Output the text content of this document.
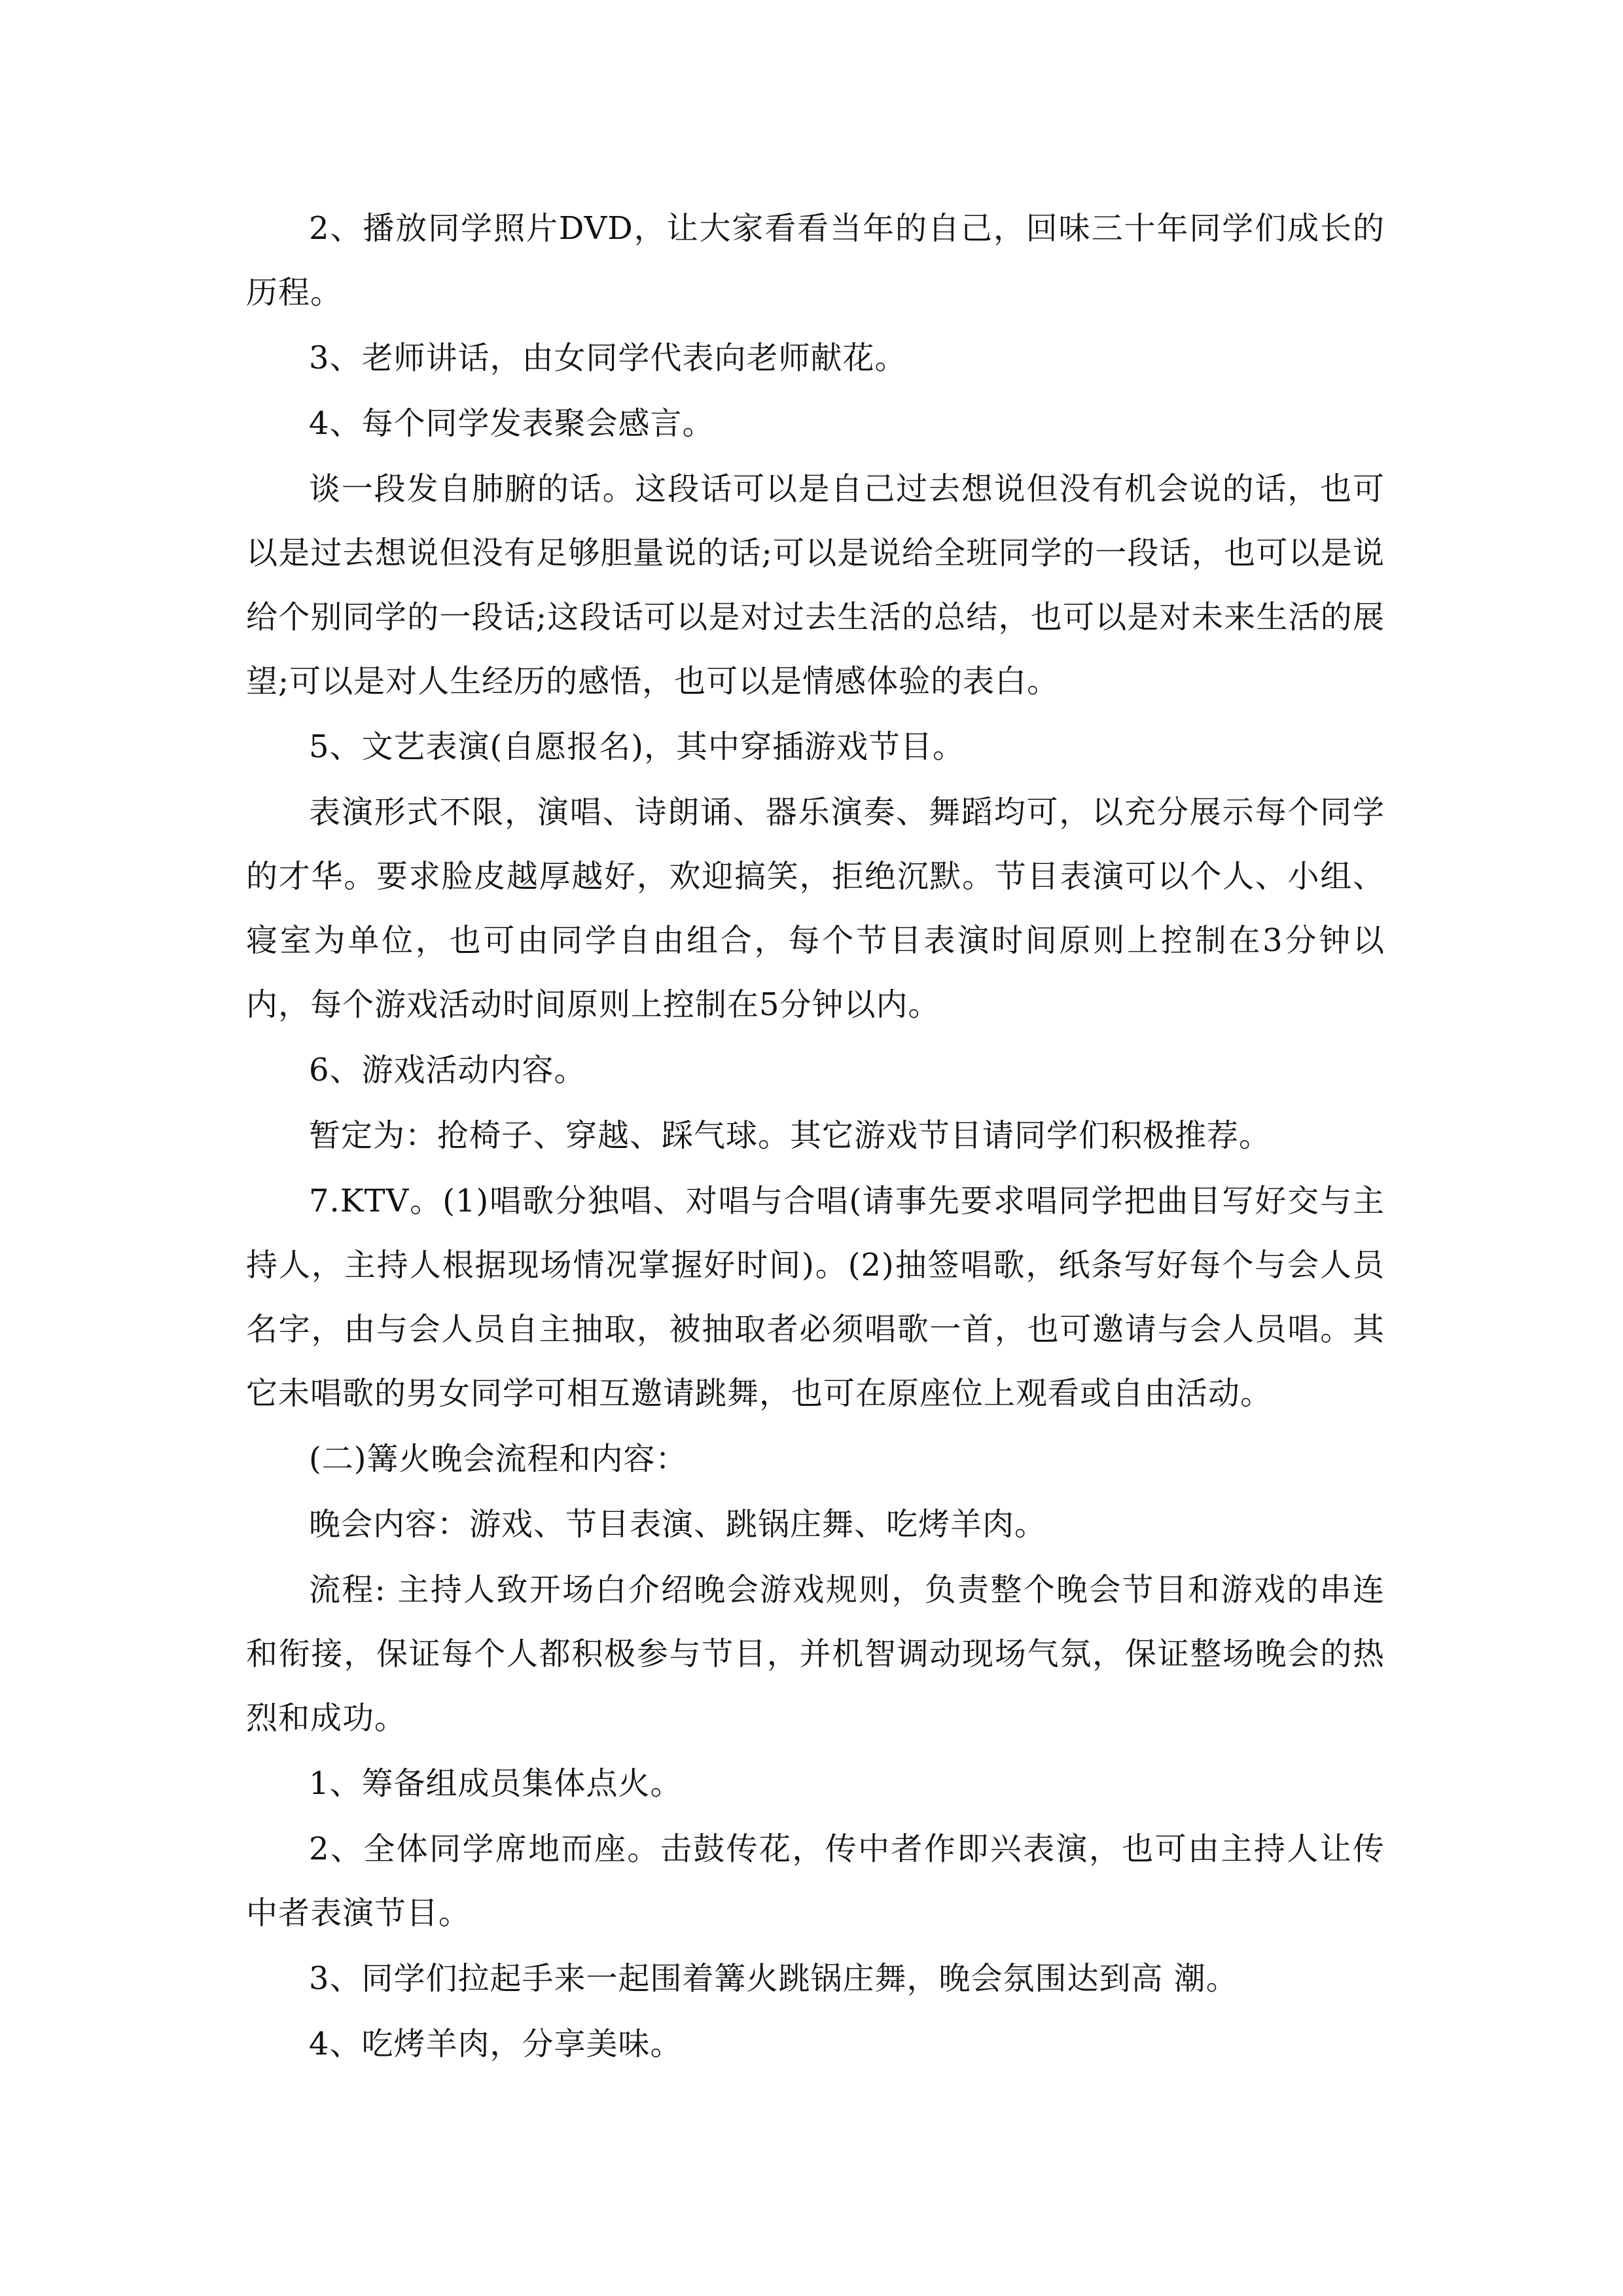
2、播放同学照片DVD，让大家看看当年的自己，回味三十年同学们成长的历程。

3、老师讲话，由女同学代表向老师献花。

4、每个同学发表聚会感言。

谈一段发自肺腑的话。这段话可以是自己过去想说但没有机会说的话，也可以是过去想说但没有足够胆量说的话;可以是说给全班同学的一段话，也可以是说给个别同学的一段话;这段话可以是对过去生活的总结，也可以是对未来生活的展望;可以是对人生经历的感悟，也可以是情感体验的表白。

5、文艺表演(自愿报名)，其中穿插游戏节目。

表演形式不限，演唱、诗朗诵、器乐演奏、舞蹈均可，以充分展示每个同学的才华。要求脸皮越厚越好，欢迎搞笑，拒绝沉默。节目表演可以个人、小组、寝室为单位，也可由同学自由组合，每个节目表演时间原则上控制在3分钟以内，每个游戏活动时间原则上控制在5分钟以内。

6、游戏活动内容。

暂定为：抢椅子、穿越、踩气球。其它游戏节目请同学们积极推荐。

7.KTV。(1)唱歌分独唱、对唱与合唱(请事先要求唱同学把曲目写好交与主持人，主持人根据现场情况掌握好时间)。(2)抽签唱歌，纸条写好每个与会人员名字，由与会人员自主抽取，被抽取者必须唱歌一首，也可邀请与会人员唱。其它未唱歌的男女同学可相互邀请跳舞，也可在原座位上观看或自由活动。

(二)篝火晚会流程和内容：

晚会内容：游戏、节目表演、跳锅庄舞、吃烤羊肉。

流程: 主持人致开场白介绍晚会游戏规则，负责整个晚会节目和游戏的串连和衔接，保证每个人都积极参与节目，并机智调动现场气氛，保证整场晚会的热烈和成功。

1、筹备组成员集体点火。

2、全体同学席地而座。击鼓传花，传中者作即兴表演，也可由主持人让传中者表演节目。

3、同学们拉起手来一起围着篝火跳锅庄舞，晚会氛围达到高 潮。

4、吃烤羊肉，分享美味。
